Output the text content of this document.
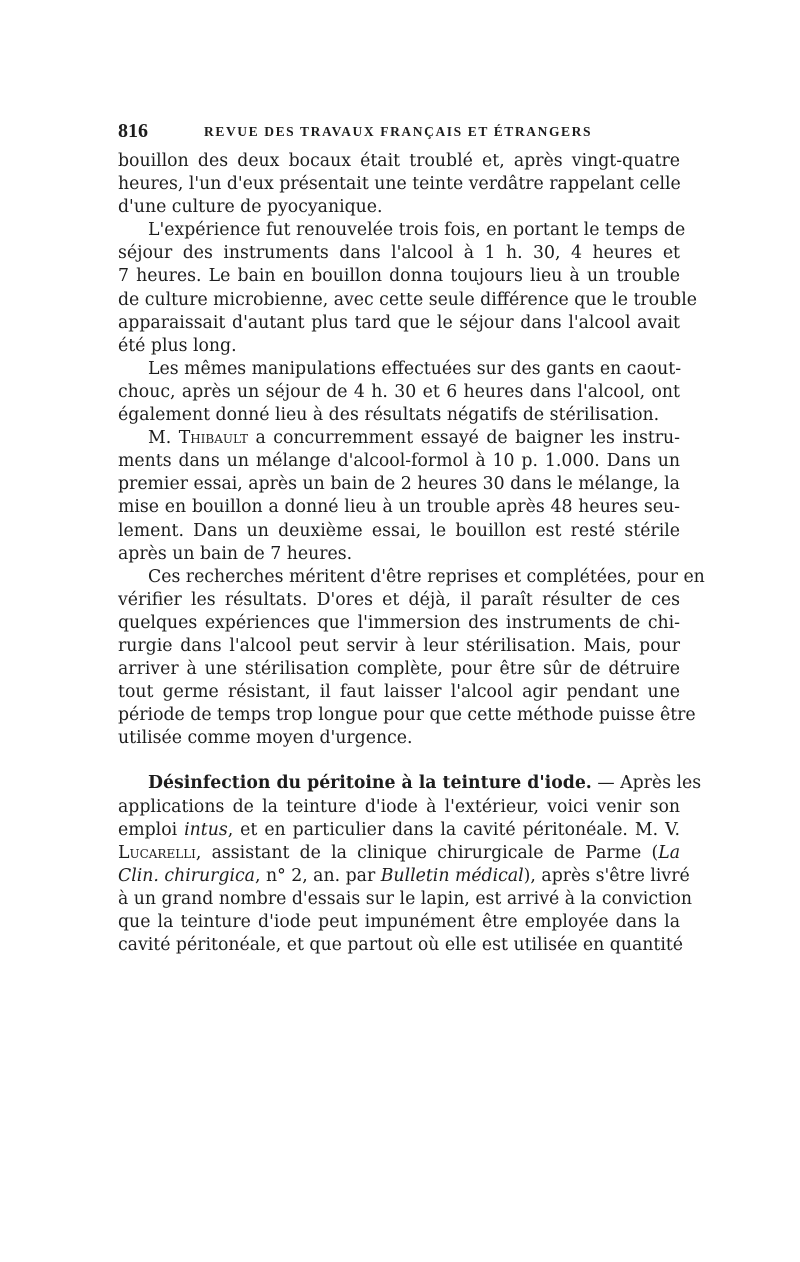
816	REVUE DES TRAVAUX FRANÇAIS ET ÉTRANGERS
bouillon des deux bocaux était troublé et, après vingt-quatre
heures, l'un d'eux présentait une teinte verdâtre rappelant celle
d'une culture de pyocyanique.
L'expérience fut renouvelée trois fois, en portant le temps de
séjour des instruments dans l'alcool à 1 h. 30, 4 heures et
7 heures. Le bain en bouillon donna toujours lieu à un trouble
de culture microbienne, avec cette seule différence que le trouble
apparaissait d'autant plus tard que le séjour dans l'alcool avait
été plus long.
Les mêmes manipulations effectuées sur des gants en caout-
chouc, après un séjour de 4 h. 30 et 6 heures dans l'alcool, ont
également donné lieu à des résultats négatifs de stérilisation.
M. Thibault a concurremment essayé de baigner les instru-
ments dans un mélange d'alcool-formol à 10 p. 1.000. Dans un
premier essai, après un bain de 2 heures 30 dans le mélange, la
mise en bouillon a donné lieu à un trouble après 48 heures seu-
lement. Dans un deuxième essai, le bouillon est resté stérile
après un bain de 7 heures.
Ces recherches méritent d'être reprises et complétées, pour en
vérifier les résultats. D'ores et déjà, il paraît résulter de ces
quelques expériences que l'immersion des instruments de chi-
rurgie dans l'alcool peut servir à leur stérilisation. Mais, pour
arriver à une stérilisation complète, pour être sûr de détruire
tout germe résistant, il faut laisser l'alcool agir pendant une
période de temps trop longue pour que cette méthode puisse être
utilisée comme moyen d'urgence.
Désinfection du péritoine à la teinture d'iode. — Après les
applications de la teinture d'iode à l'extérieur, voici venir son
emploi intus, et en particulier dans la cavité péritonéale. M. V.
Lucarelli, assistant de la clinique chirurgicale de Parme (La
Clin. chirurgica, n° 2, an. par Bulletin médical), après s'être livré
à un grand nombre d'essais sur le lapin, est arrivé à la conviction
que la teinture d'iode peut impunément être employée dans la
cavité péritonéale, et que partout où elle est utilisée en quantité
